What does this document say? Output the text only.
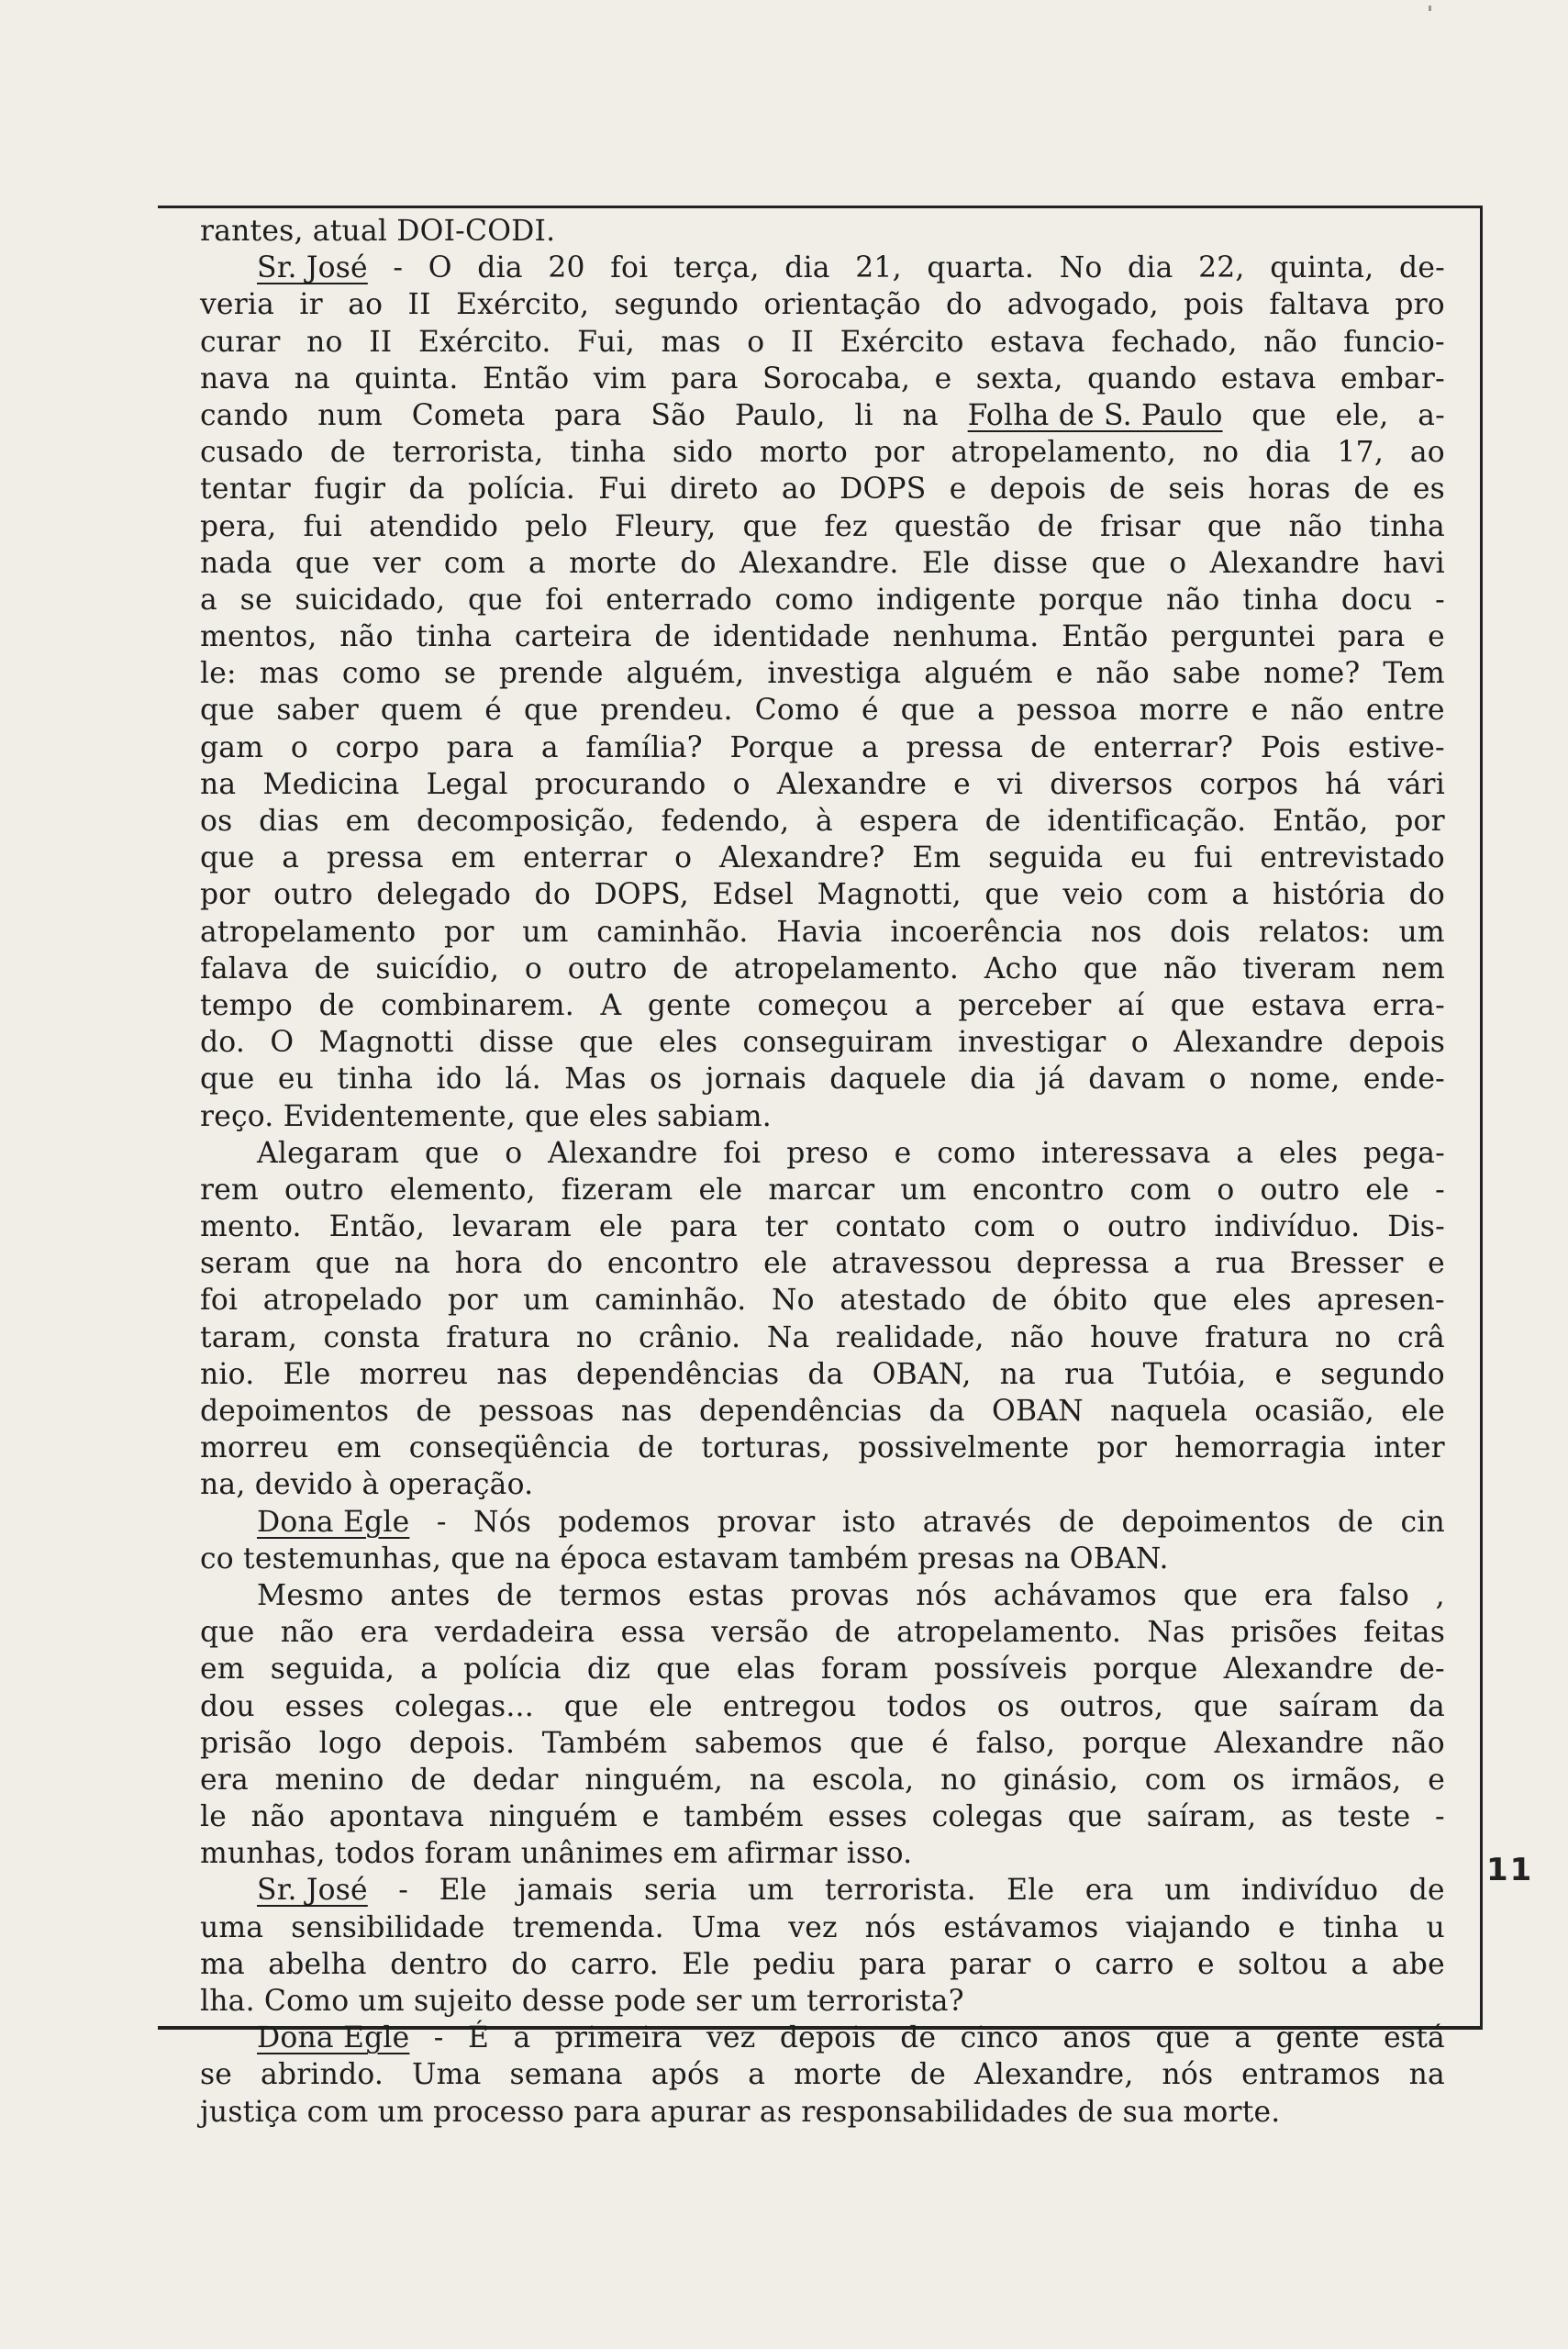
rantes, atual DOI-CODI.
Sr. José - O dia 20 foi terça, dia 21, quarta. No dia 22, quinta, de-
veria ir ao II Exército, segundo orientação do advogado, pois faltava pro
curar no II Exército. Fui, mas o II Exército estava fechado, não funcio-
nava na quinta. Então vim para Sorocaba, e sexta, quando estava embar-
cando num Cometa para São Paulo, li na Folha de S. Paulo que ele, a-
cusado de terrorista, tinha sido morto por atropelamento, no dia 17, ao
tentar fugir da polícia. Fui direto ao DOPS e depois de seis horas de es
pera, fui atendido pelo Fleury, que fez questão de frisar que não tinha
nada que ver com a morte do Alexandre. Ele disse que o Alexandre havi
a se suicidado, que foi enterrado como indigente porque não tinha docu -
mentos, não tinha carteira de identidade nenhuma. Então perguntei para e
le: mas como se prende alguém, investiga alguém e não sabe nome? Tem
que saber quem é que prendeu. Como é que a pessoa morre e não entre
gam o corpo para a família? Porque a pressa de enterrar? Pois estive-
na Medicina Legal procurando o Alexandre e vi diversos corpos há vári
os dias em decomposição, fedendo, à espera de identificação. Então, por
que a pressa em enterrar o Alexandre? Em seguida eu fui entrevistado
por outro delegado do DOPS, Edsel Magnotti, que veio com a história do
atropelamento por um caminhão. Havia incoerência nos dois relatos: um
falava de suicídio, o outro de atropelamento. Acho que não tiveram nem
tempo de combinarem. A gente começou a perceber aí que estava erra-
do. O Magnotti disse que eles conseguiram investigar o Alexandre depois
que eu tinha ido lá. Mas os jornais daquele dia já davam o nome, ende-
reço. Evidentemente, que eles sabiam.
Alegaram que o Alexandre foi preso e como interessava a eles pega-
rem outro elemento, fizeram ele marcar um encontro com o outro ele -
mento. Então, levaram ele para ter contato com o outro indivíduo. Dis-
seram que na hora do encontro ele atravessou depressa a rua Bresser e
foi atropelado por um caminhão. No atestado de óbito que eles apresen-
taram, consta fratura no crânio. Na realidade, não houve fratura no crâ
nio. Ele morreu nas dependências da OBAN, na rua Tutóia, e segundo
depoimentos de pessoas nas dependências da OBAN naquela ocasião, ele
morreu em conseqüência de torturas, possivelmente por hemorragia inter
na, devido à operação.
Dona Egle - Nós podemos provar isto através de depoimentos de cin
co testemunhas, que na época estavam também presas na OBAN.
Mesmo antes de termos estas provas nós achávamos que era falso ,
que não era verdadeira essa versão de atropelamento. Nas prisões feitas
em seguida, a polícia diz que elas foram possíveis porque Alexandre de-
dou esses colegas... que ele entregou todos os outros, que saíram da
prisão logo depois. Também sabemos que é falso, porque Alexandre não
era menino de dedar ninguém, na escola, no ginásio, com os irmãos, e
le não apontava ninguém e também esses colegas que saíram, as teste -
munhas, todos foram unânimes em afirmar isso.
Sr. José - Ele jamais seria um terrorista. Ele era um indivíduo de
uma sensibilidade tremenda. Uma vez nós estávamos viajando e tinha u
ma abelha dentro do carro. Ele pediu para parar o carro e soltou a abe
lha. Como um sujeito desse pode ser um terrorista?
Dona Egle - É a primeira vez depois de cinco anos que a gente está
se abrindo. Uma semana após a morte de Alexandre, nós entramos na
justiça com um processo para apurar as responsabilidades de sua morte.
11
